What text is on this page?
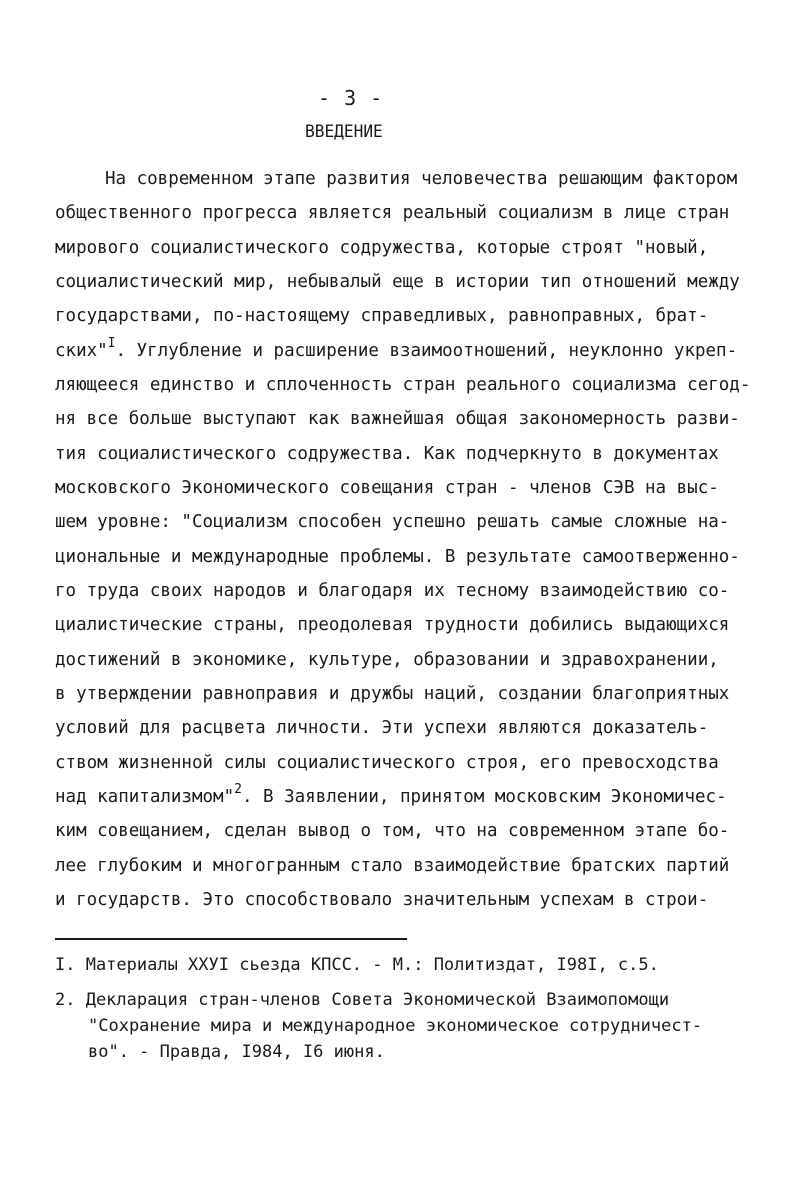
- 3 -
ВВЕДЕНИЕ
На современном этапе развития человечества решающим фактором
общественного прогресса является реальный социализм в лице стран
мирового социалистического содружества, которые строят "новый,
социалистический мир, небывалый еще в истории тип отношений между
государствами, по-настоящему справедливых, равноправных, брат-
ских"$^I$. Углубление и расширение взаимоотношений, неуклонно укреп-
ляющееся единство и сплоченность стран реального социализма сегод-
ня все больше выступают как важнейшая общая закономерность разви-
тия социалистического содружества. Как подчеркнуто в документах
московского Экономического совещания стран - членов СЭВ на выс-
шем уровне: "Социализм способен успешно решать самые сложные на-
циональные и международные проблемы. В результате самоотверженно-
го труда своих народов и благодаря их тесному взаимодействию со-
циалистические страны, преодолевая трудности добились выдающихся
достижений в экономике, культуре, образовании и здравохранении,
в утверждении равноправия и дружбы наций, создании благоприятных
условий для расцвета личности. Эти успехи являются доказатель-
ством жизненной силы социалистического строя, его превосходства
над капитализмом"$^2$. В Заявлении, принятом московским Экономичес-
ким совещанием, сделан вывод о том, что на современном этапе бо-
лее глубоким и многогранным стало взаимодействие братских партий
и государств. Это способствовало значительным успехам в строи-
I. Материалы XXУI сьезда КПСС. - М.: Политиздат, I98I, с.5.
2. Декларация стран-членов Совета Экономической Взаимопомощи
"Сохранение мира и международное экономическое сотрудничест-
во". - Правда, I984, I6 июня.
